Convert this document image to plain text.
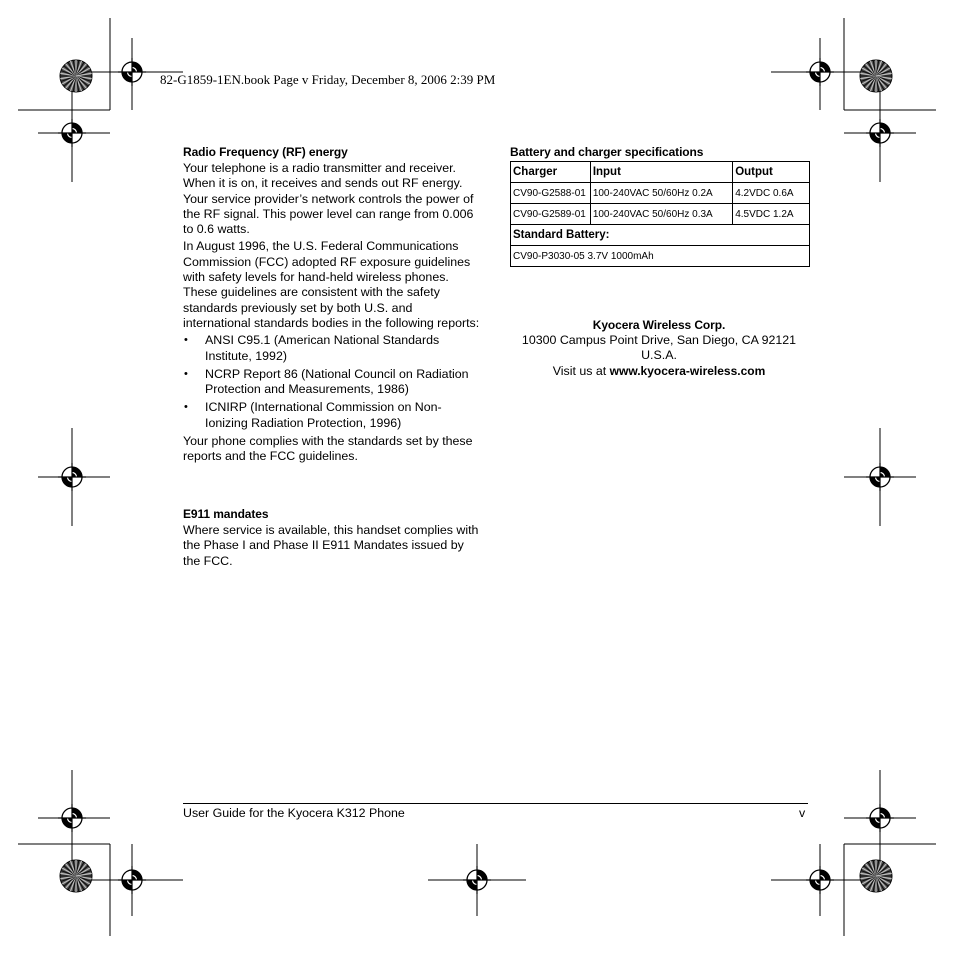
82-G1859-1EN.book Page v Friday, December 8, 2006 2:39 PM
Radio Frequency (RF) energy

Your telephone is a radio transmitter and receiver. When it is on, it receives and sends out RF energy. Your service provider’s network controls the power of the RF signal. This power level can range from 0.006 to 0.6 watts.

In August 1996, the U.S. Federal Communications Commission (FCC) adopted RF exposure guidelines with safety levels for hand-held wireless phones. These guidelines are consistent with the safety standards previously set by both U.S. and international standards bodies in the following reports:

• ANSI C95.1 (American National Standards Institute, 1992)
• NCRP Report 86 (National Council on Radiation Protection and Measurements, 1986)
• ICNIRP (International Commission on Non-Ionizing Radiation Protection, 1996)

Your phone complies with the standards set by these reports and the FCC guidelines.

E911 mandates
Where service is available, this handset complies with the Phase I and Phase II E911 Mandates issued by the FCC.
Battery and charger specifications
Charger	Input	Output
CV90-G2588-01	100-240VAC 50/60Hz 0.2A	4.2VDC 0.6A
CV90-G2589-01	100-240VAC 50/60Hz 0.3A	4.5VDC 1.2A
Standard Battery:		
CV90-P3030-05 3.7V 1000mAh		
Kyocera Wireless Corp.
10300 Campus Point Drive, San Diego, CA 92121
U.S.A.
Visit us at www.kyocera-wireless.com
User Guide for the Kyocera K312 Phone	v
